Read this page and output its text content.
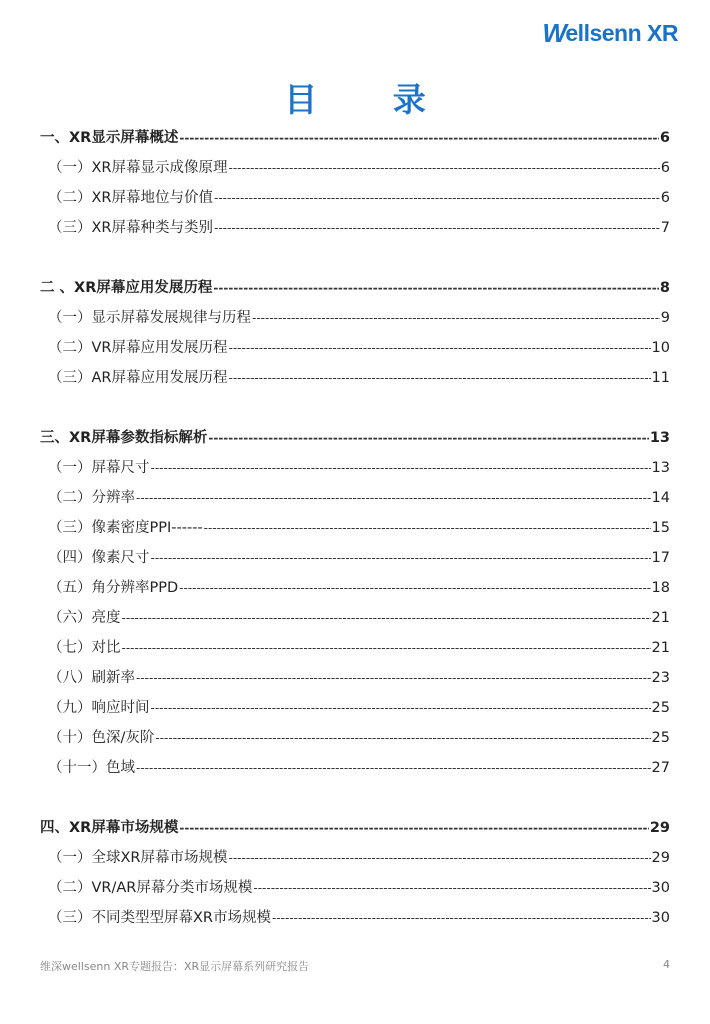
W ellsenn XR
目 录
一、XR显示屏幕概述 -----	6
（一）XR屏幕显示成像原理 -----	6
（二）XR屏幕地位与价值 -----	6
（三）XR屏幕种类与类别 -----	7
二 、XR屏幕应用发展历程 -----	8
（一）显示屏幕发展规律与历程 -----	9
（二）VR屏幕应用发展历程 -----	10
（三）AR屏幕应用发展历程 -----	11
三、XR屏幕参数指标解析 -----	13
（一）屏幕尺寸 -----	13
（二）分辨率 -----	14
（三）像素密度PPI------ -----	15
（四）像素尺寸 -----	17
（五）角分辨率PPD -----	18
（六）亮度 -----	21
（七）对比 -----	21
（八）刷新率 -----	23
（九）响应时间 -----	25
（十）色深/灰阶 -----	25
（十一）色域 -----	27
四、XR屏幕市场规模 -----	29
（一）全球XR屏幕市场规模 -----	29
（二）VR/AR屏幕分类市场规模 -----	30
（三）不同类型型屏幕XR市场规模 -----	30
维深wellsenn XR专题报告：XR显示屏幕系列研究报告	4
